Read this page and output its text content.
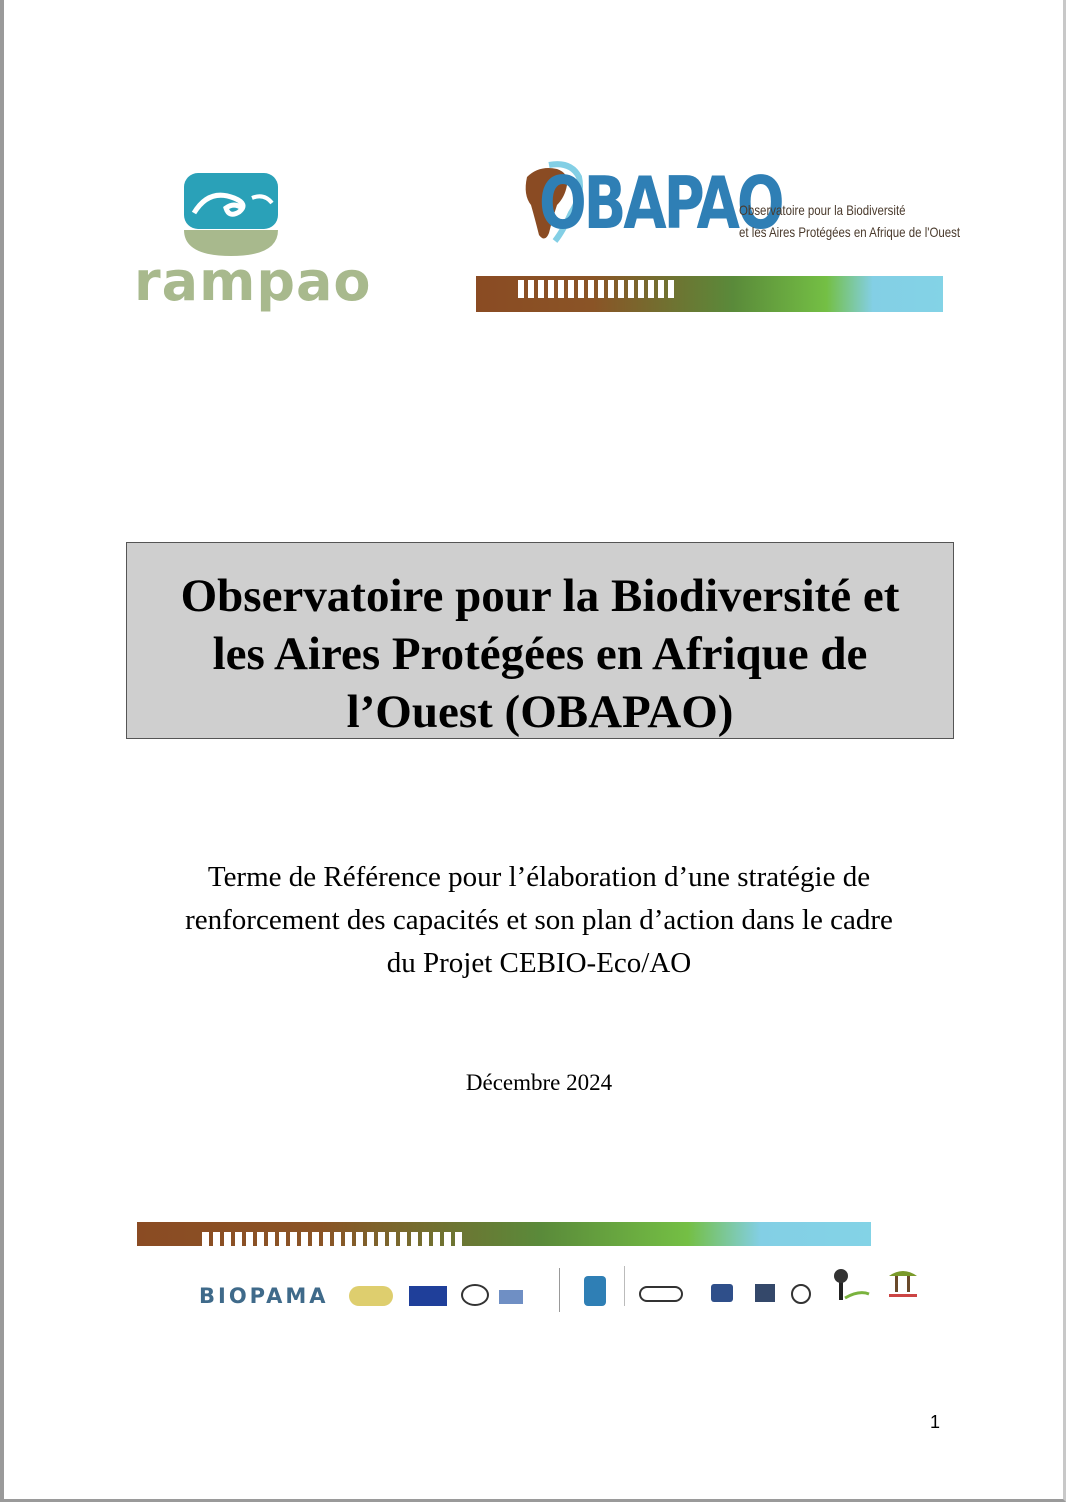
rampao
OBAPAO
Observatoire pour la Biodiversité
et les Aires Protégées en Afrique de l'Ouest
Observatoire pour la Biodiversité et
les Aires Protégées en Afrique de
l’Ouest (OBAPAO)
Terme de Référence pour l’élaboration d’une stratégie de
renforcement des capacités et son plan d’action dans le cadre
du Projet CEBIO-Eco/AO
Décembre 2024
BIOPAMA
1
